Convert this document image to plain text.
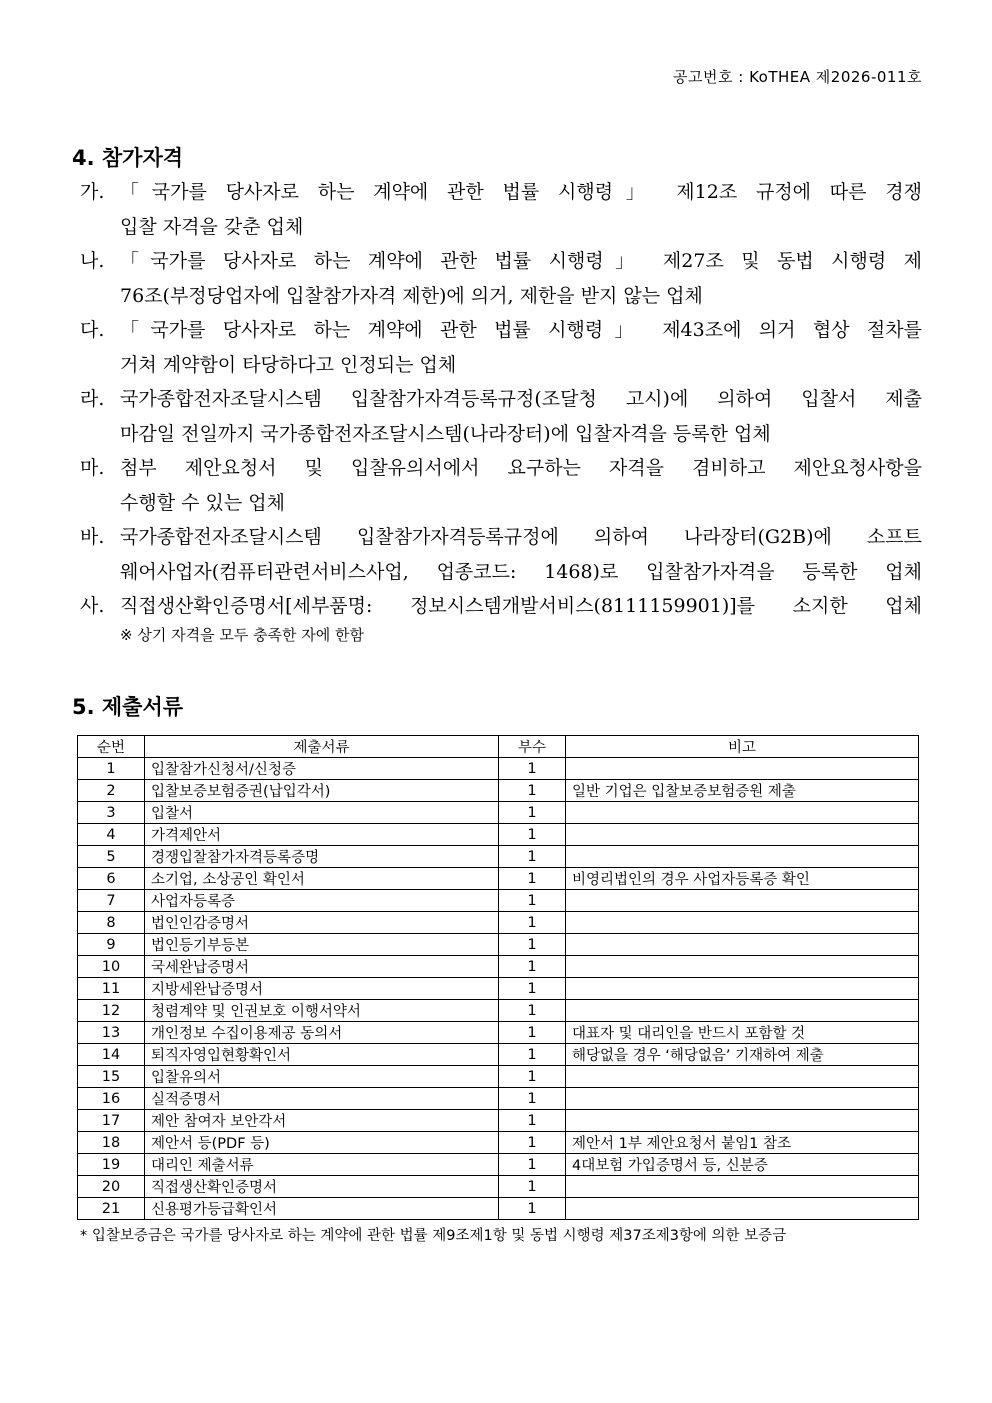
공고번호 : KoTHEA 제2026-011호
4. 참가자격
가. 「국가를 당사자로 하는 계약에 관한 법률 시행령」 제12조 규정에 따른 경쟁
입찰 자격을 갖춘 업체
나. 「국가를 당사자로 하는 계약에 관한 법률 시행령」 제27조 및 동법 시행령 제
76조(부정당업자에 입찰참가자격 제한)에 의거, 제한을 받지 않는 업체
다. 「국가를 당사자로 하는 계약에 관한 법률 시행령」 제43조에 의거 협상 절차를
거쳐 계약함이 타당하다고 인정되는 업체
라. 국가종합전자조달시스템 입찰참가자격등록규정(조달청 고시)에 의하여 입찰서 제출
마감일 전일까지 국가종합전자조달시스템(나라장터)에 입찰자격을 등록한 업체
마. 첨부 제안요청서 및 입찰유의서에서 요구하는 자격을 겸비하고 제안요청사항을
수행할 수 있는 업체
바. 국가종합전자조달시스템 입찰참가자격등록규정에 의하여 나라장터(G2B)에 소프트
웨어사업자(컴퓨터관련서비스사업, 업종코드: 1468)로 입찰참가자격을 등록한 업체
사. 직접생산확인증명서[세부품명: 정보시스템개발서비스(8111159901)]를 소지한 업체
※ 상기 자격을 모두 충족한 자에 한함
5. 제출서류
순번	제출서류	부수	비고
1	입찰참가신청서/신청증	1	
2	입찰보증보험증권(납입각서)	1	일반 기업은 입찰보증보험증원 제출
3	입찰서	1	
4	가격제안서	1	
5	경쟁입찰참가자격등록증명	1	
6	소기업, 소상공인 확인서	1	비영리법인의 경우 사업자등록증 확인
7	사업자등록증	1	
8	법인인감증명서	1	
9	법인등기부등본	1	
10	국세완납증명서	1	
11	지방세완납증명서	1	
12	청렴계약 및 인권보호 이행서약서	1	
13	개인정보 수집이용제공 동의서	1	대표자 및 대리인을 반드시 포함할 것
14	퇴직자영입현황확인서	1	해당없을 경우 ‘해당없음’ 기재하여 제출
15	입찰유의서	1	
16	실적증명서	1	
17	제안 참여자 보안각서	1	
18	제안서 등(PDF 등)	1	제안서 1부 제안요청서 붙임1 참조
19	대리인 제출서류	1	4대보험 가입증명서 등, 신분증
20	직접생산확인증명서	1	
21	신용평가등급확인서	1	
* 입찰보증금은 국가를 당사자로 하는 계약에 관한 법률 제9조제1항 및 동법 시행령 제37조제3항에 의한 보증금
